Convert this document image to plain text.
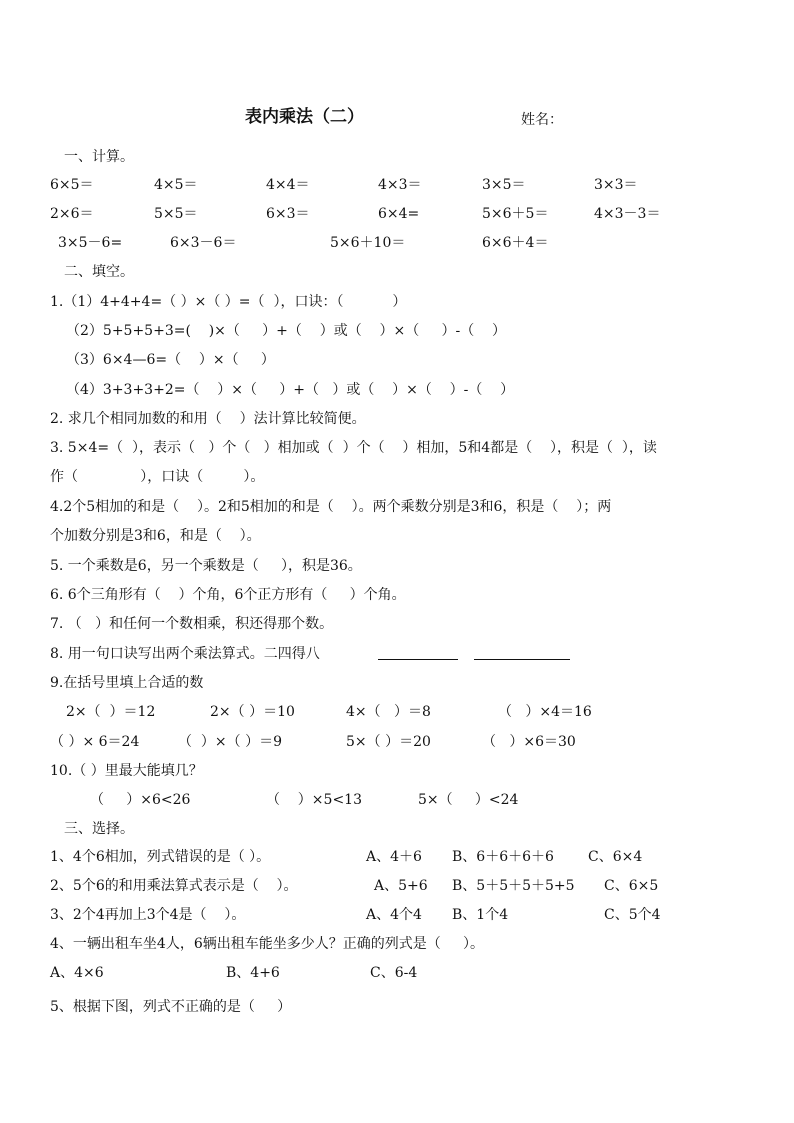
表内乘法（二）	姓名：
一、计算。
6×5＝	4×5＝	4×4＝	4×3＝	3×5＝	3×3＝
2×6＝	5×5＝	6×3＝	6×4=	5×6＋5＝	4×3－3＝
3×5－6=	6×3－6＝	5×6＋10＝	6×6＋4＝
二、填空。
1.（1）4+4+4=（ ）×（ ）=（  ），口诀：（           ）
（2）5+5+5+3=(    )×（     ）+（    ）或（    ）×（     ）-（    ）
（3）6×4—6=（    ）×（     ）
（4）3+3+3+2=（    ）×（     ）+（   ）或（    ）×（    ）-（    ）
2. 求几个相同加数的和用（    ）法计算比较简便。
3. 5×4=（  ），表示（   ）个（   ）相加或（  ）个（    ）相加，5和4都是（    ），积是（  ），读
作（              ），口诀（         ）。
4.2个5相加的和是（    ）。2和5相加的和是（    ）。两个乘数分别是3和6，积是（    ）；两
个加数分别是3和6，和是（    ）。
5. 一个乘数是6，另一个乘数是（     ），积是36。
6. 6个三角形有（    ）个角，6个正方形有（     ）个角。
7. （   ）和任何一个数相乘，积还得那个数。
8. 用一句口诀写出两个乘法算式。二四得八
9.在括号里填上合适的数
2×（  ）＝12	2×（ ）＝10	4×（   ）＝8	（   ）×4＝16
（ ）× 6＝24	（  ）×（ ）＝9	5×（ ）＝20	（   ）×6＝30
10.（ ）里最大能填几？
（     ）×6<26	（    ）×5<13	5×（     ）<24
三、选择。
1、4个6相加，列式错误的是（ ）。	A、4＋6 B、6＋6＋6＋6 C、6×4
2、5个6的和用乘法算式表示是（    ）。	A、5+6 B、5＋5＋5＋5+5 C、6×5
3、2个4再加上3个4是（    ）。	A、4个4 B、1个4	C、5个4
4、一辆出租车坐4人，6辆出租车能坐多少人？正确的列式是（     ）。
A、4×6	B、4+6	C、6-4
5、根据下图，列式不正确的是（     ）
